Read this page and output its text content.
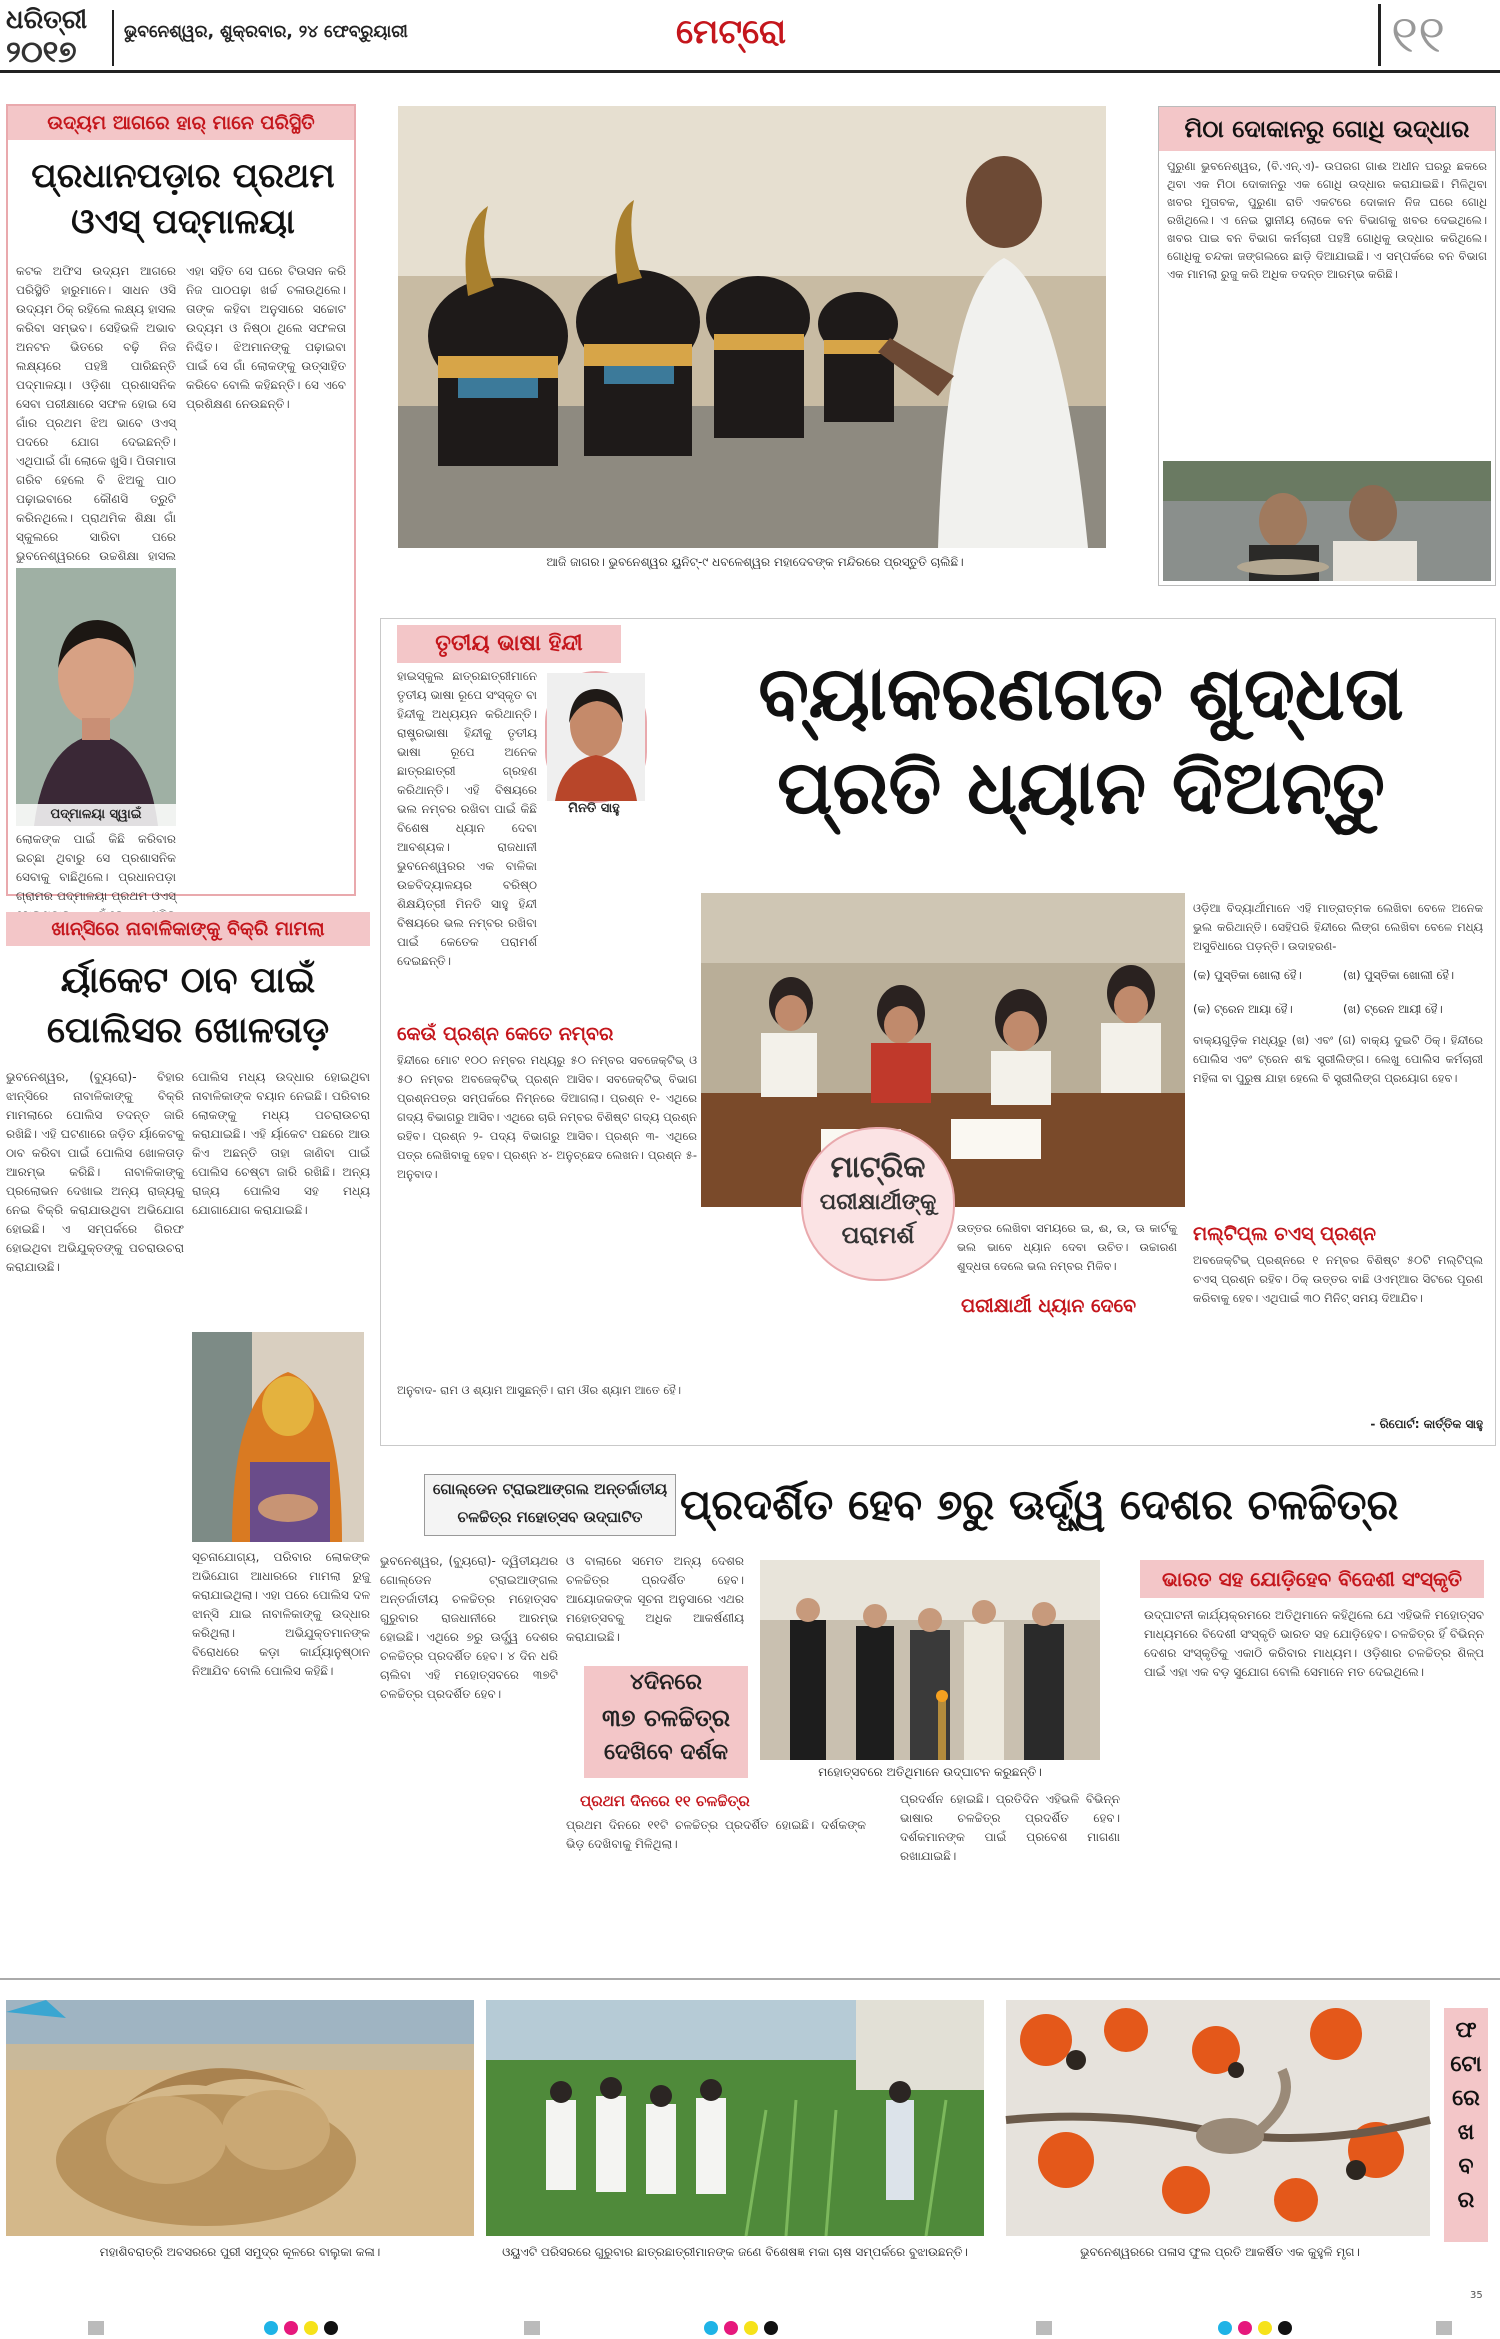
ଧରିତ୍ରୀ
୨୦୧୭
ଭୁବନେଶ୍ୱର, ଶୁକ୍ରବାର, ୨୪ ଫେବ୍ରୁୟାରୀ	ମେଟ୍ରୋ	୧୧
ଉଦ୍ୟମ ଆଗରେ ହାର୍ ମାନେ ପରିସ୍ଥିତି
ପ୍ରଧାନପଡ଼ାର ପ୍ରଥମ
ଓଏସ୍ ପଦ୍ମାଳୟା
କଟକ ଅଫିସ ଉଦ୍ୟମ ଆଗରେ ପରିସ୍ଥିତି ହାରୁମାନେ। ସାଧନ ଓସି ଉଦ୍ୟମ ଠିକ୍ ରହିଲେ ଲକ୍ଷ୍ୟ ହାସଲ କରିବା ସମ୍ଭବ। ସେହିଭଳି ଅଭାବ ଅନଟନ ଭିତରେ ବଢ଼ି ନିଜ ଲକ୍ଷ୍ୟରେ ପହଞ୍ଚି ପାରିଛନ୍ତି ପଦ୍ମାଳୟା। ଓଡ଼ିଶା ପ୍ରଶାସନିକ ସେବା ପରୀକ୍ଷାରେ ସଫଳ ହୋଇ ସେ ଗାଁର ପ୍ରଥମ ଝିଅ ଭାବେ ଓଏସ୍ ପଦରେ ଯୋଗ ଦେଇଛନ୍ତି। ଏଥିପାଇଁ ଗାଁ ଲୋକେ ଖୁସି। ପିତାମାତା ଗରିବ ହେଲେ ବି ଝିଅକୁ ପାଠ ପଢ଼ାଇବାରେ କୌଣସି ତ୍ରୁଟି କରିନଥିଲେ। ପ୍ରାଥମିକ ଶିକ୍ଷା ଗାଁ ସ୍କୁଲରେ ସାରିବା ପରେ ଭୁବନେଶ୍ୱରରେ ଉଚ୍ଚଶିକ୍ଷା ହାସଲ
ଏହା ସହିତ ସେ ଘରେ ଟିଉସନ କରି ନିଜ ପାଠପଢ଼ା ଖର୍ଚ୍ଚ ଚଳାଉଥିଲେ। ତାଙ୍କ କହିବା ଅନୁସାରେ ସଚ୍ଚୋଟ ଉଦ୍ୟମ ଓ ନିଷ୍ଠା ଥିଲେ ସଫଳତା ନିଶ୍ଚିତ। ଝିଅମାନଙ୍କୁ ପଢ଼ାଇବା ପାଇଁ ସେ ଗାଁ ଲୋକଙ୍କୁ ଉତ୍ସାହିତ କରିବେ ବୋଲି କହିଛନ୍ତି। ସେ ଏବେ ପ୍ରଶିକ୍ଷଣ ନେଉଛନ୍ତି।
ପଦ୍ମାଳୟା ସ୍ୱାଇଁ
ଲୋକଙ୍କ ପାଇଁ କିଛି କରିବାର ଇଚ୍ଛା ଥିବାରୁ ସେ ପ୍ରଶାସନିକ ସେବାକୁ ବାଛିଥିଲେ। ପ୍ରଧାନପଡ଼ା ଗ୍ରାମର ପଦ୍ମାଳୟା ପ୍ରଥମ ଓଏସ୍
ଆଜି ଜାଗର। ଭୁବନେଶ୍ୱର ୟୁନିଟ୍-୯ ଧବଳେଶ୍ୱର ମହାଦେବଙ୍କ ମନ୍ଦିରରେ ପ୍ରସ୍ତୁତି ଚାଲିଛି।
ମିଠା ଦୋକାନରୁ ଗୋଧି ଉଦ୍ଧାର
ପୁରୁଣା ଭୁବନେଶ୍ୱର, (ବି.ଏନ୍.ଏ)- ଉପରଗ ଗାଈ ଅଧୀନ ଘରରୁ ଛକରେ ଥିବା ଏକ ମିଠା ଦୋକାନରୁ ଏକ ଗୋଧି ଉଦ୍ଧାର କରାଯାଇଛି। ମିଳିଥିବା ଖବର ମୁତାବକ, ପୁରୁଣା ରାତି ଏକଟରେ ଦୋକାନ ନିଜ ଘରେ ଗୋଧି ରଖିଥିଲେ। ଏ ନେଇ ସ୍ଥାନୀୟ ଲୋକେ ବନ ବିଭାଗକୁ ଖବର ଦେଇଥିଲେ। ଖବର ପାଇ ବନ ବିଭାଗ କର୍ମଚାରୀ ପହଞ୍ଚି ଗୋଧିକୁ ଉଦ୍ଧାର କରିଥିଲେ। ଗୋଧିକୁ ଚନ୍ଦକା ଜଙ୍ଗଲରେ ଛାଡ଼ି ଦିଆଯାଇଛି। ଏ ସମ୍ପର୍କରେ ବନ ବିଭାଗ ଏକ ମାମଲା ରୁଜୁ କରି ଅଧିକ ତଦନ୍ତ ଆରମ୍ଭ କରିଛି।
ତୃତୀୟ ଭାଷା ହିନ୍ଦୀ
ହାଇସ୍କୁଲ ଛାତ୍ରଛାତ୍ରୀମାନେ ତୃତୀୟ ଭାଷା ରୂପେ ସଂସ୍କୃତ ବା ହିନ୍ଦୀକୁ ଅଧ୍ୟୟନ କରିଥାନ୍ତି। ରାଷ୍ଟ୍ରଭାଷା ହିନ୍ଦୀକୁ ତୃତୀୟ ଭାଷା ରୂପେ ଅନେକ ଛାତ୍ରଛାତ୍ରୀ ଗ୍ରହଣ କରିଥାନ୍ତି। ଏହି ବିଷୟରେ ଭଲ ନମ୍ବର ରଖିବା ପାଇଁ କିଛି ବିଶେଷ ଧ୍ୟାନ ଦେବା ଆବଶ୍ୟକ। ରାଜଧାନୀ ଭୁବନେଶ୍ୱରର ଏକ ବାଳିକା ଉଚ୍ଚବିଦ୍ୟାଳୟର ବରିଷ୍ଠ ଶିକ୍ଷୟିତ୍ରୀ ମିନତି ସାହୁ ହିନ୍ଦୀ ବିଷୟରେ ଭଲ ନମ୍ବର ରଖିବା ପାଇଁ କେତେକ ପରାମର୍ଶ ଦେଇଛନ୍ତି।
ମିନତି ସାହୁ
ବ୍ୟାକରଣଗତ ଶୁଦ୍ଧତା
ପ୍ରତି ଧ୍ୟାନ ଦିଅନ୍ତୁ
କେଉଁ ପ୍ରଶ୍ନ କେତେ ନମ୍ବର
ହିନ୍ଦୀରେ ମୋଟ ୧୦୦ ନମ୍ବର ମଧ୍ୟରୁ ୫୦ ନମ୍ବର ସବଜେକ୍ଟିଭ୍ ଓ ୫୦ ନମ୍ବର ଅବଜେକ୍ଟିଭ୍ ପ୍ରଶ୍ନ ଆସିବ। ସବଜେକ୍ଟିଭ୍ ବିଭାଗ ପ୍ରଶ୍ନପତ୍ର ସମ୍ପର୍କରେ ନିମ୍ନରେ ଦିଆଗଲା। ପ୍ରଶ୍ନ ୧- ଏଥିରେ ଗଦ୍ୟ ବିଭାଗରୁ ଆସିବ। ଏଥିରେ ଚାରି ନମ୍ବର ବିଶିଷ୍ଟ ଗଦ୍ୟ ପ୍ରଶ୍ନ ରହିବ। ପ୍ରଶ୍ନ ୨- ପଦ୍ୟ ବିଭାଗରୁ ଆସିବ। ପ୍ରଶ୍ନ ୩- ଏଥିରେ ପତ୍ର ଲେଖିବାକୁ ହେବ। ପ୍ରଶ୍ନ ୪- ଅନୁଚ୍ଛେଦ ଲେଖନ। ପ୍ରଶ୍ନ ୫- ଅନୁବାଦ।
ଅନୁବାଦ- ରାମ ଓ ଶ୍ୟାମ ଆସୁଛନ୍ତି। ରାମ ଔର ଶ୍ୟାମ ଆତେ ହୈ।
ମାଟ୍ରିକ
ପରୀକ୍ଷାର୍ଥୀଙ୍କୁ
ପରାମର୍ଶ	ଉତ୍ତର ଲେଖିବା ସମୟରେ ଇ, ଈ, ଉ, ଊ କାର୍ଟକୁ ଭଲ ଭାବେ ଧ୍ୟାନ ଦେବା ଉଚିତ। ଉଚ୍ଚାରଣ ଶୁଦ୍ଧତା ଦେଲେ ଭଲ ନମ୍ବର ମିଳିବ।
ପରୀକ୍ଷାର୍ଥୀ ଧ୍ୟାନ ଦେବେ
ଓଡ଼ିଆ ବିଦ୍ୟାର୍ଥୀମାନେ ଏହି ମାତ୍ରାତ୍ମକ ଲେଖିବା ବେଳେ ଅନେକ ଭୁଲ କରିଥାନ୍ତି। ସେହିପରି ହିନ୍ଦୀରେ ଲିଙ୍ଗ ଲେଖିବା ବେଳେ ମଧ୍ୟ ଅସୁବିଧାରେ ପଡ଼ନ୍ତି। ଉଦାହରଣ-
(କ) ପୁସ୍ତିକା ଖୋଲା ହୈ।	(ଖ) ପୁସ୍ତିକା ଖୋଲୀ ହୈ।
(କ) ଟ୍ରେନ ଆୟା ହୈ।	(ଖ) ଟ୍ରେନ ଆୟୀ ହୈ।
ବାକ୍ୟଗୁଡ଼ିକ ମଧ୍ୟରୁ (ଖ) ଏବଂ (ଗ) ବାକ୍ୟ ଦୁଇଟି ଠିକ୍। ହିନ୍ଦୀରେ ପୋଲିସ ଏବଂ ଟ୍ରେନ ଶବ୍ଦ ସ୍ତ୍ରୀଲିଙ୍ଗ। ଲେଖୁ ପୋଲିସ କର୍ମଚାରୀ ମହିଳା ବା ପୁରୁଷ ଯାହା ହେଲେ ବି ସ୍ତ୍ରୀଲିଙ୍ଗ ପ୍ରୟୋଗ ହେବ।
ମଲ୍ଟିପ୍‌ଲ ଚଏସ୍ ପ୍ରଶ୍ନ
ଅବଜେକ୍ଟିଭ୍ ପ୍ରଶ୍ନରେ ୧ ନମ୍ବର ବିଶିଷ୍ଟ ୫୦ଟି ମଲ୍ଟିପ୍‌ଲ ଚଏସ୍ ପ୍ରଶ୍ନ ରହିବ। ଠିକ୍ ଉତ୍ତର ବାଛି ଓଏମ୍ଆର ସିଟରେ ପୂରଣ କରିବାକୁ ହେବ। ଏଥିପାଇଁ ୩୦ ମିନିଟ୍ ସମୟ ଦିଆଯିବ।
- ରିପୋର୍ଟ: କାର୍ତ୍ତିକ ସାହୁ
ଖାନ୍ସିରେ ନାବାଳିକାଙ୍କୁ ବିକ୍ରି ମାମଲା
ର୍ୟାକେଟ ଠାବ ପାଇଁ
ପୋଲିସର ଖୋଳତାଡ଼
ଭୁବନେଶ୍ୱର, (ବ୍ୟୁରୋ)- ବିହାର ଝାନ୍ସିରେ ନାବାଳିକାଙ୍କୁ ବିକ୍ରି ମାମଲାରେ ପୋଲିସ ତଦନ୍ତ ଜାରି ରଖିଛି। ଏହି ଘଟଣାରେ ଜଡ଼ିତ ର୍ୟାକେଟକୁ ଠାବ କରିବା ପାଇଁ ପୋଲିସ ଖୋଳତାଡ଼ ଆରମ୍ଭ କରିଛି। ନାବାଳିକାଙ୍କୁ ପ୍ରଲୋଭନ ଦେଖାଇ ଅନ୍ୟ ରାଜ୍ୟକୁ ନେଇ ବିକ୍ରି କରାଯାଉଥିବା ଅଭିଯୋଗ ହୋଇଛି। ଏ ସମ୍ପର୍କରେ ଗିରଫ ହୋଇଥିବା ଅଭିଯୁକ୍ତଙ୍କୁ ପଚରାଉଚରା କରାଯାଉଛି।
ପୋଲିସ ମଧ୍ୟ ଉଦ୍ଧାର ହୋଇଥିବା ନାବାଳିକାଙ୍କ ବୟାନ ନେଇଛି। ପରିବାର ଲୋକଙ୍କୁ ମଧ୍ୟ ପଚରାଉଚରା କରାଯାଇଛି। ଏହି ର୍ୟାକେଟ ପଛରେ ଆଉ କିଏ ଅଛନ୍ତି ତାହା ଜାଣିବା ପାଇଁ ପୋଲିସ ଚେଷ୍ଟା ଜାରି ରଖିଛି। ଅନ୍ୟ ରାଜ୍ୟ ପୋଲିସ ସହ ମଧ୍ୟ ଯୋଗାଯୋଗ କରାଯାଇଛି।
ସୂଚନାଯୋଗ୍ୟ, ପରିବାର ଲୋକଙ୍କ ଅଭିଯୋଗ ଆଧାରରେ ମାମଲା ରୁଜୁ କରାଯାଇଥିଲା। ଏହା ପରେ ପୋଲିସ ଦଳ ଝାନ୍ସି ଯାଇ ନାବାଳିକାଙ୍କୁ ଉଦ୍ଧାର କରିଥିଲା। ଅଭିଯୁକ୍ତମାନଙ୍କ ବିରୋଧରେ କଡ଼ା କାର୍ଯ୍ୟାନୁଷ୍ଠାନ ନିଆଯିବ ବୋଲି ପୋଲିସ କହିଛି।
ଗୋଲ୍ଡେନ ଟ୍ରାଇଆଙ୍ଗଲ ଅନ୍ତର୍ଜାତୀୟ
ଚଳଚ୍ଚିତ୍ର ମହୋତ୍ସବ ଉଦ୍‌ଘାଟିତ ପ୍ରଦର୍ଶିତ ହେବ ୭ରୁ ଊର୍ଦ୍ଧ୍ୱ ଦେଶର ଚଳଚ୍ଚିତ୍ର
ଭୁବନେଶ୍ୱର, (ବ୍ୟୁରୋ)- ଦ୍ୱିତୀୟଥର ଗୋଲ୍ଡେନ ଟ୍ରାଇଆଙ୍ଗଲ ଅନ୍ତର୍ଜାତୀୟ ଚଳଚ୍ଚିତ୍ର ମହୋତ୍ସବ ଗୁରୁବାର ରାଜଧାନୀରେ ଆରମ୍ଭ ହୋଇଛି। ଏଥିରେ ୭ରୁ ଊର୍ଦ୍ଧ୍ୱ ଦେଶର ଚଳଚ୍ଚିତ୍ର ପ୍ରଦର୍ଶିତ ହେବ। ୪ ଦିନ ଧରି ଚାଲିବା ଏହି ମହୋତ୍ସବରେ ୩୭ଟି ଚଳଚ୍ଚିତ୍ର ପ୍ରଦର୍ଶିତ ହେବ।
ଓ ବାଲାରେ ସମେତ ଅନ୍ୟ ଦେଶର ଚଳଚ୍ଚିତ୍ର ପ୍ରଦର୍ଶିତ ହେବ। ଆୟୋଜକଙ୍କ ସୂଚନା ଅନୁସାରେ ଏଥର ମହୋତ୍ସବକୁ ଅଧିକ ଆକର୍ଷଣୀୟ କରାଯାଇଛି।
୪ଦିନରେ
୩୭ ଚଳଚ୍ଚିତ୍ର
ଦେଖିବେ ଦର୍ଶକ
ପ୍ରଥମ ଦିନରେ ୧୧ ଚଳଚ୍ଚିତ୍ର
ପ୍ରଥମ ଦିନରେ ୧୧ଟି ଚଳଚ୍ଚିତ୍ର ପ୍ରଦର୍ଶିତ ହୋଇଛି। ଦର୍ଶକଙ୍କ ଭିଡ଼ ଦେଖିବାକୁ ମିଳିଥିଲା।
ମହୋତ୍ସବରେ ଅତିଥିମାନେ ଉଦ୍‌ଘାଟନ କରୁଛନ୍ତି।
ପ୍ରଦର୍ଶନ ହୋଇଛି। ପ୍ରତିଦିନ ଏହିଭଳି ବିଭିନ୍ନ ଭାଷାର ଚଳଚ୍ଚିତ୍ର ପ୍ରଦର୍ଶିତ ହେବ। ଦର୍ଶକମାନଙ୍କ ପାଇଁ ପ୍ରବେଶ ମାଗଣା ରଖାଯାଇଛି।
ଭାରତ ସହ ଯୋଡ଼ିହେବ ବିଦେଶୀ ସଂସ୍କୃତି
ଉଦ୍‌ଘାଟନୀ କାର୍ଯ୍ୟକ୍ରମରେ ଅତିଥିମାନେ କହିଥିଲେ ଯେ ଏହିଭଳି ମହୋତ୍ସବ ମାଧ୍ୟମରେ ବିଦେଶୀ ସଂସ୍କୃତି ଭାରତ ସହ ଯୋଡ଼ିହେବ। ଚଳଚ୍ଚିତ୍ର ହିଁ ବିଭିନ୍ନ ଦେଶର ସଂସ୍କୃତିକୁ ଏକାଠି କରିବାର ମାଧ୍ୟମ। ଓଡ଼ିଶାର ଚଳଚ୍ଚିତ୍ର ଶିଳ୍ପ ପାଇଁ ଏହା ଏକ ବଡ଼ ସୁଯୋଗ ବୋଲି ସେମାନେ ମତ ଦେଇଥିଲେ।
ମହାଶିବରାତ୍ରି ଅବସରରେ ପୁରୀ ସମୁଦ୍ର କୂଳରେ ବାଲୁକା କଳା।	ଓୟୁଏଟି ପରିସରରେ ଗୁରୁବାର ଛାତ୍ରଛାତ୍ରୀମାନଙ୍କ ଜଣେ ବିଶେଷଜ୍ଞ ମକା ଚାଷ ସମ୍ପର୍କରେ ବୁଝାଉଛନ୍ତି।	ଭୁବନେଶ୍ୱରରେ ପଳାସ ଫୁଲ ପ୍ରତି ଆକର୍ଷିତ ଏକ କୁହୁଳି ମୃଗ।
ଫ
ଟୋ
ରେ
ଖ
ବ
ର
35
